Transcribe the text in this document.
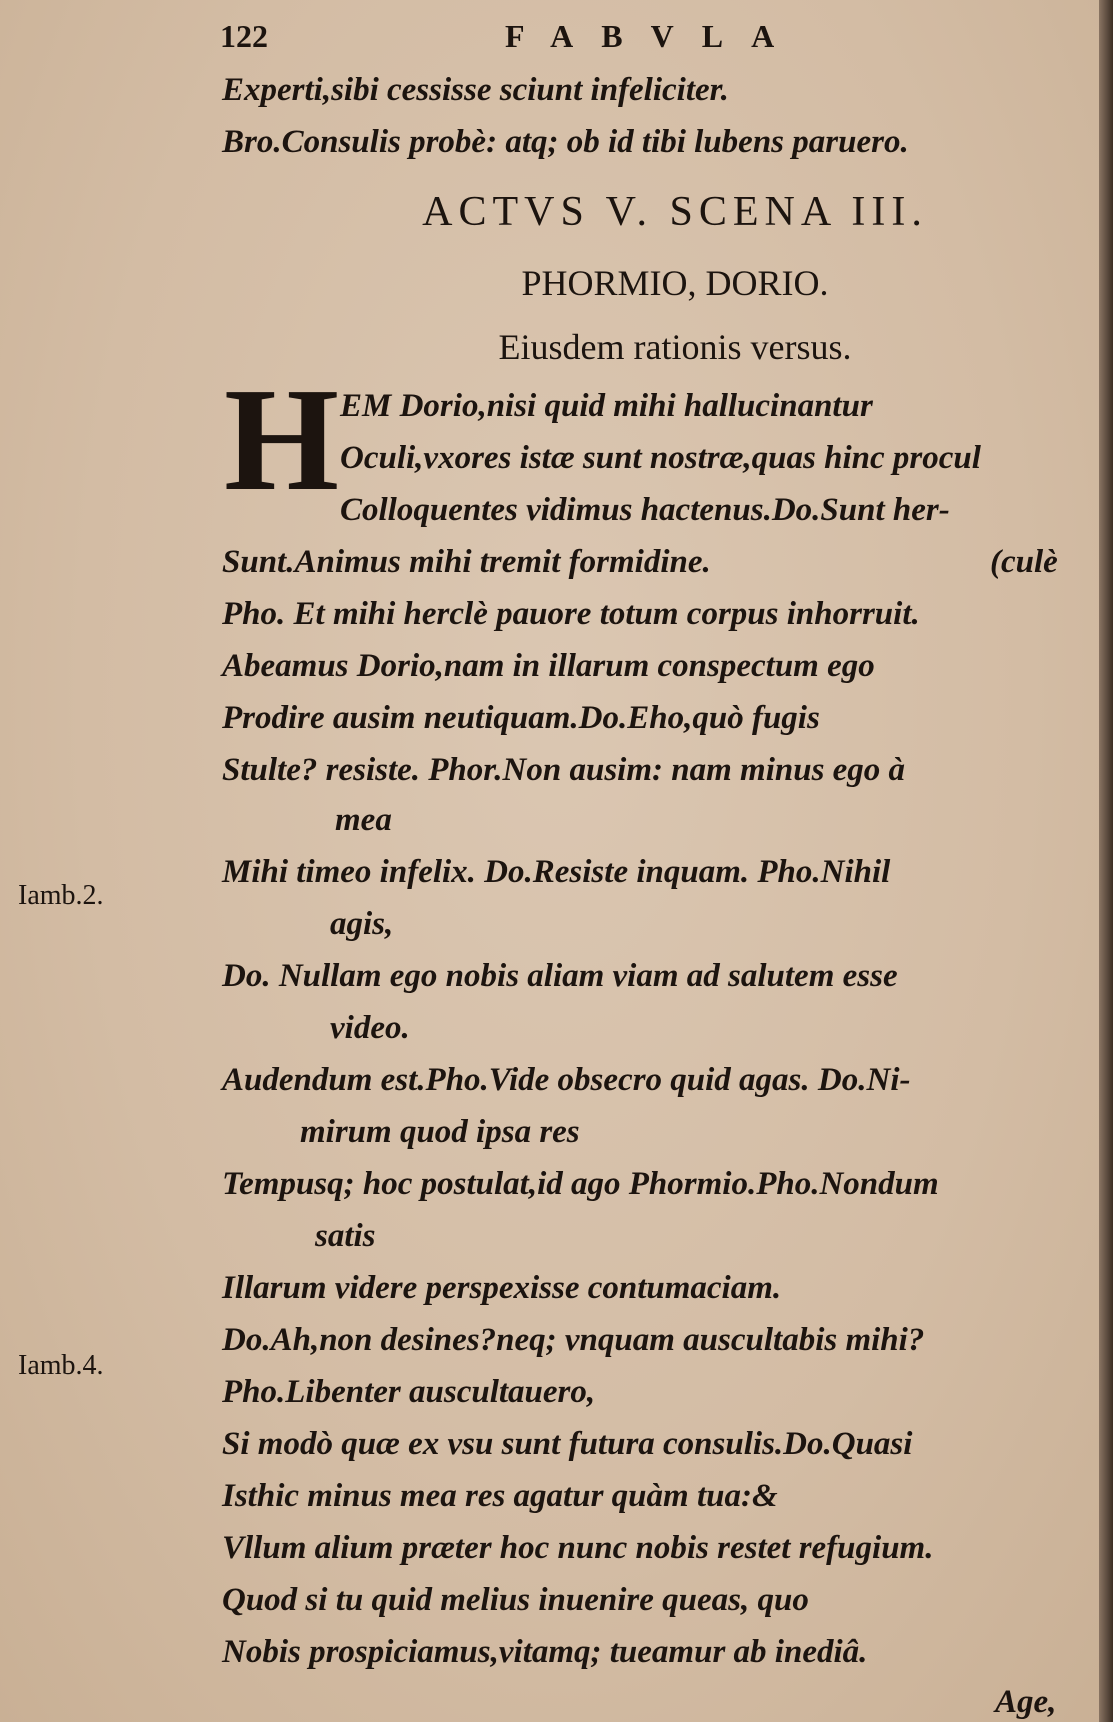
122	FABVLA
Experti,sibi cessisse sciunt infeliciter.
Bro.Consulis probè: atq; ob id tibi lubens paruero.
ACTVS V. SCENA III.
PHORMIO, DORIO.
Eiusdem rationis versus.
H EM Dorio,nisi quid mihi hallucinantur
Oculi,vxores istæ sunt nostræ,quas hinc procul
Colloquentes vidimus hactenus.Do.Sunt her-
Sunt.Animus mihi tremit formidine.	(culè
Pho. Et mihi herclè pauore totum corpus inhorruit.
Abeamus Dorio,nam in illarum conspectum ego
Prodire ausim neutiquam.Do.Eho,quò fugis
Stulte? resiste. Phor.Non ausim: nam minus ego à
mea
Mihi timeo infelix. Do.Resiste inquam. Pho.Nihil
agis,
Do. Nullam ego nobis aliam viam ad salutem esse
video.
Audendum est.Pho.Vide obsecro quid agas. Do.Ni-
mirum quod ipsa res
Tempusq; hoc postulat,id ago Phormio.Pho.Nondum
satis
Illarum videre perspexisse contumaciam.
Do.Ah,non desines?neq; vnquam auscultabis mihi?
Pho.Libenter auscultauero,
Si modò quæ ex vsu sunt futura consulis.Do.Quasi
Isthic minus mea res agatur quàm tua:&
Vllum alium præter hoc nunc nobis restet refugium.
Quod si tu quid melius inuenire queas, quo
Nobis prospiciamus,vitamq; tueamur ab inediâ.
Age,
Iamb.2.
Iamb.4.
